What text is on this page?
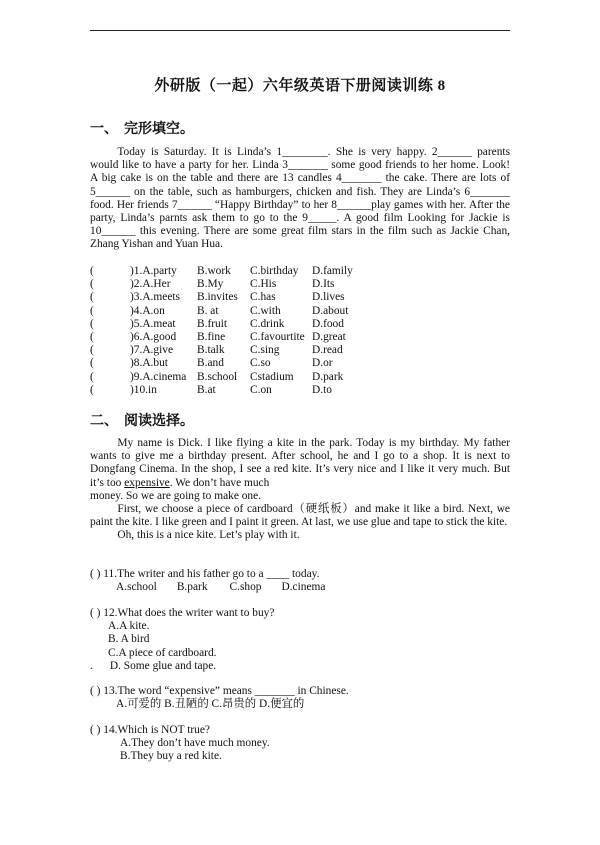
外研版（一起）六年级英语下册阅读训练 8
一、 完形填空。

Today is Saturday. It is Linda’s 1________. She is very happy. 2______ parents would like to have a party for her. Linda 3_______ some good friends to her home. Look! A big cake is on the table and there are 13 candles 4_______ the cake. There are lots of 5______ on the table, such as hamburgers, chicken and fish. They are Linda’s 6_______ food. Her friends 7______ “Happy Birthday” to her 8______play games with her. After the party, Linda’s parnts ask them to go to the 9_____. A good film Looking for Jackie is 10______ this evening. There are some great film stars in the film such as Jackie Chan, Zhang Yishan and Yuan Hua.

(	)1.A.party	B.work	C.birthday	D.family
(	)2.A.Her	B.My	C.His	D.Its
(	)3.A.meets	B.invites	C.has	D.lives
(	)4.A.on	B. at	C.with	D.about
(	)5.A.meat	B.fruit	C.drink	D.food
(	)6.A.good	B.fine	C.favourtite D.great
(	)7.A.give	B.talk	C.sing	D.read
(	)8.A.but	B.and	C.so	D.or
(	)9.A.cinema B.school	Cstadium	D.park
(	)10.in	B.at	C.on	D.to
二、 阅读选择。

My name is Dick. I like flying a kite in the park. Today is my birthday. My father wants to give me a birthday present. After school, he and I go to a shop. It is next to Dongfang Cinema. In the shop, I see a red kite. It’s very nice and I like it very much. But it’s too expensive. We don’t have much

money. So we are going to make one.

First, we choose a piece of cardboard（硬纸板）and make it like a bird. Next, we paint the kite. I like green and I paint it green. At last, we use glue and tape to stick the kite.

Oh, this is a nice kite. Let’s play with it.

( ) 11.The writer and his father go to a ____ today.
A.school B.park C.shop D.cinema
( ) 12.What does the writer want to buy?
A.A kite.
B. A bird
C.A piece of cardboard.
. D. Some glue and tape.
( ) 13.The word “expensive” means _______ in Chinese.
A.可爱的 B.丑陋的 C.昂贵的 D.便宜的
( ) 14.Which is NOT true?
A.They don’t have much money.
B.They buy a red kite.
